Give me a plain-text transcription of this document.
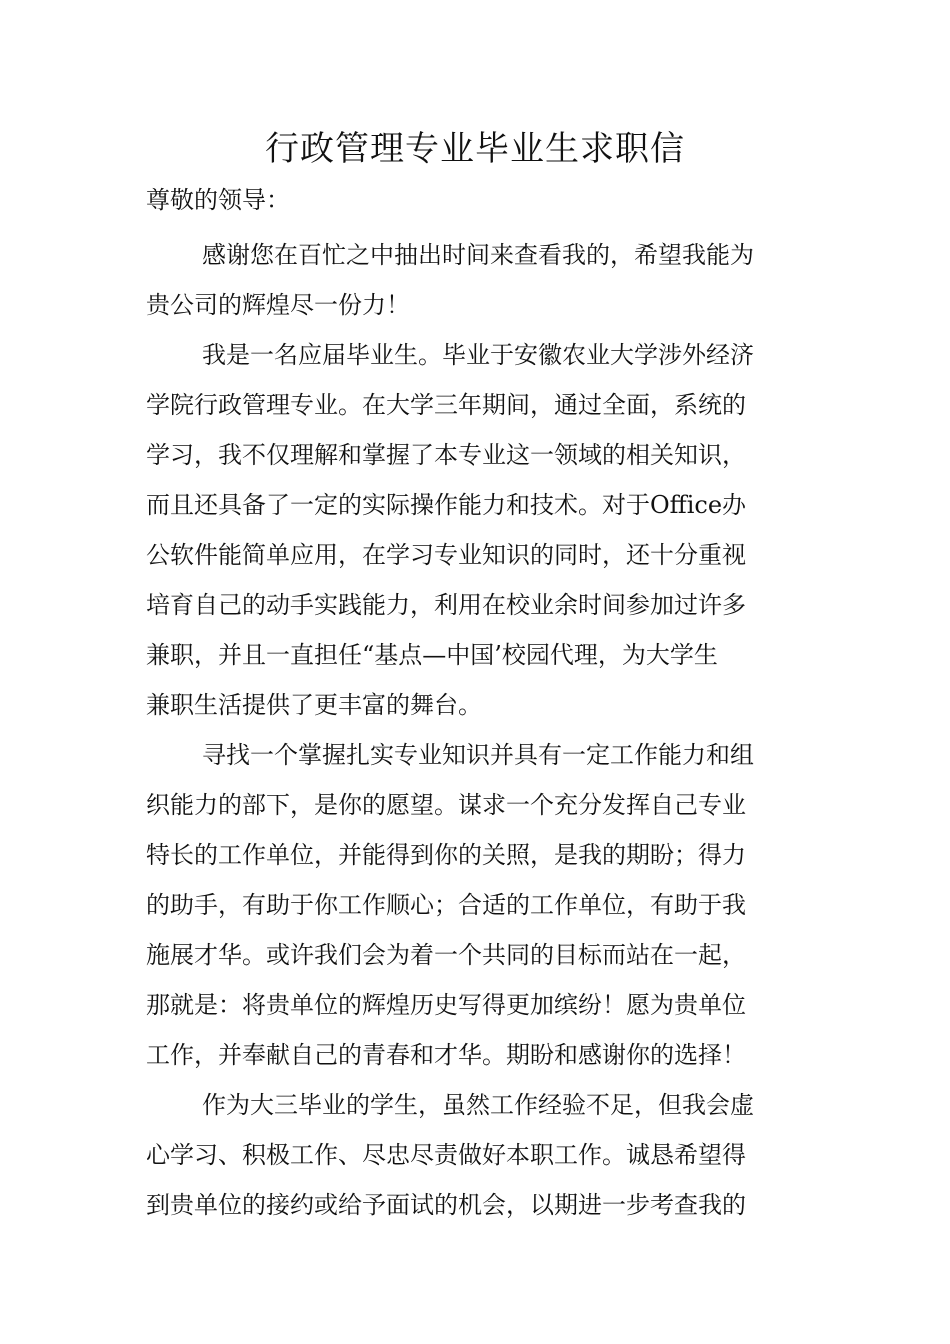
行政管理专业毕业生求职信

尊敬的领导：

感谢您在百忙之中抽出时间来查看我的，希望我能为
贵公司的辉煌尽一份力！
我是一名应届毕业生。毕业于安徽农业大学涉外经济
学院行政管理专业。在大学三年期间，通过全面，系统的
学习，我不仅理解和掌握了本专业这一领域的相关知识，
而且还具备了一定的实际操作能力和技术。对于Office办
公软件能简单应用，在学习专业知识的同时，还十分重视
培育自己的动手实践能力，利用在校业余时间参加过许多
兼职，并且一直担任“基点—中国’校园代理，为大学生
兼职生活提供了更丰富的舞台。
寻找一个掌握扎实专业知识并具有一定工作能力和组
织能力的部下，是你的愿望。谋求一个充分发挥自己专业
特长的工作单位，并能得到你的关照，是我的期盼；得力
的助手，有助于你工作顺心；合适的工作单位，有助于我
施展才华。或许我们会为着一个共同的目标而站在一起，
那就是：将贵单位的辉煌历史写得更加缤纷！愿为贵单位
工作，并奉献自己的青春和才华。期盼和感谢你的选择！
作为大三毕业的学生，虽然工作经验不足，但我会虚
心学习、积极工作、尽忠尽责做好本职工作。诚恳希望得
到贵单位的接约或给予面试的机会，以期进一步考查我的
